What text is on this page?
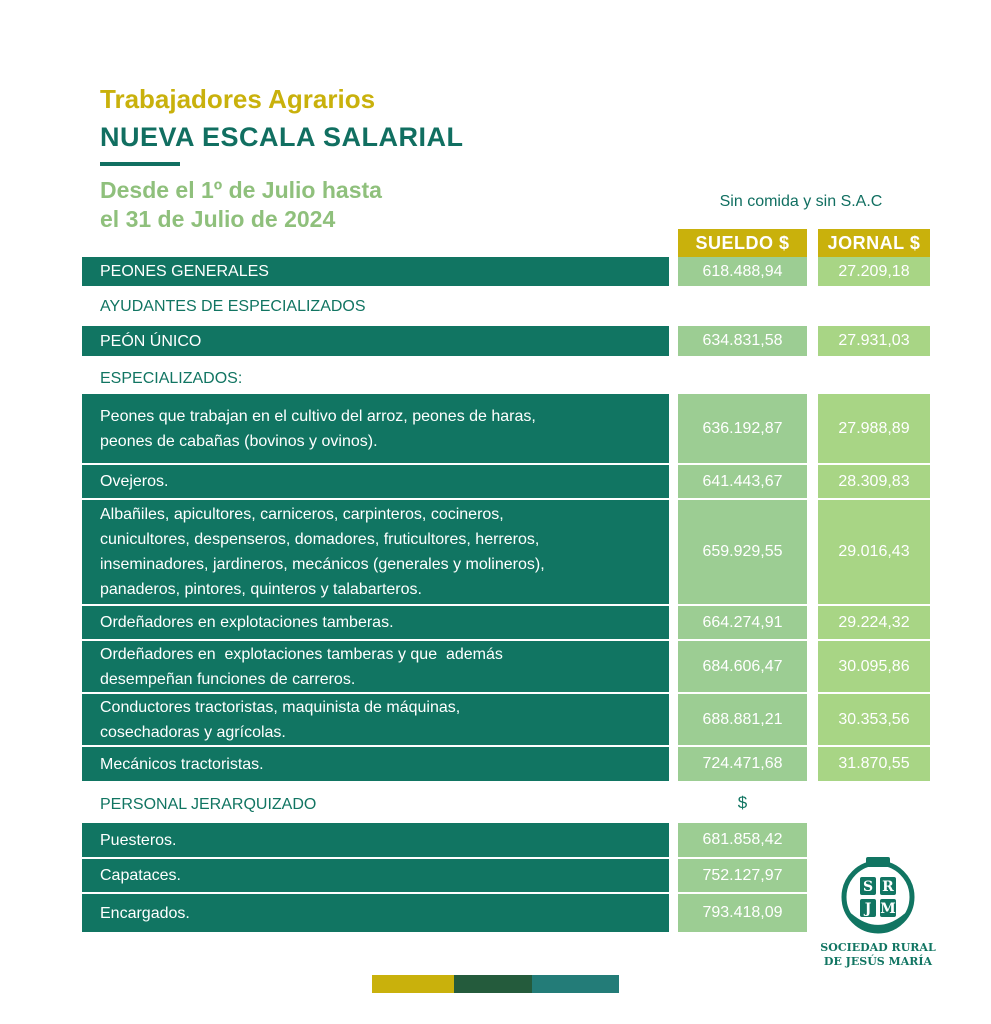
Trabajadores Agrarios
NUEVA ESCALA SALARIAL
Desde el 1º de Julio hasta
el 31 de Julio de 2024
Sin comida y sin S.A.C
SUELDO $	JORNAL $
PEONES GENERALES	618.488,94	27.209,18
AYUDANTES DE ESPECIALIZADOS
PEÓN ÚNICO	634.831,58	27.931,03
ESPECIALIZADOS:
Peones que trabajan en el cultivo del arroz, peones de haras,
peones de cabañas (bovinos y ovinos).
636.192,87	27.988,89
Ovejeros.	641.443,67	28.309,83
Albañiles, apicultores, carniceros, carpinteros, cocineros,
cunicultores, despenseros, domadores, fruticultores, herreros,
inseminadores, jardineros, mecánicos (generales y molineros),
panaderos, pintores, quinteros y talabarteros.
659.929,55	29.016,43
Ordeñadores en explotaciones tamberas.	664.274,91	29.224,32
Ordeñadores en  explotaciones tamberas y que  además
desempeñan funciones de carreros.
684.606,47	30.095,86
Conductores tractoristas, maquinista de máquinas,
cosechadoras y agrícolas.
688.881,21	30.353,56
Mecánicos tractoristas.	724.471,68	31.870,55
PERSONAL JERARQUIZADO	$
Puesteros.	681.858,42
Capataces.	752.127,97
Encargados.	793.418,09
S R
J M
SOCIEDAD RURAL
DE JESÚS MARÍA
